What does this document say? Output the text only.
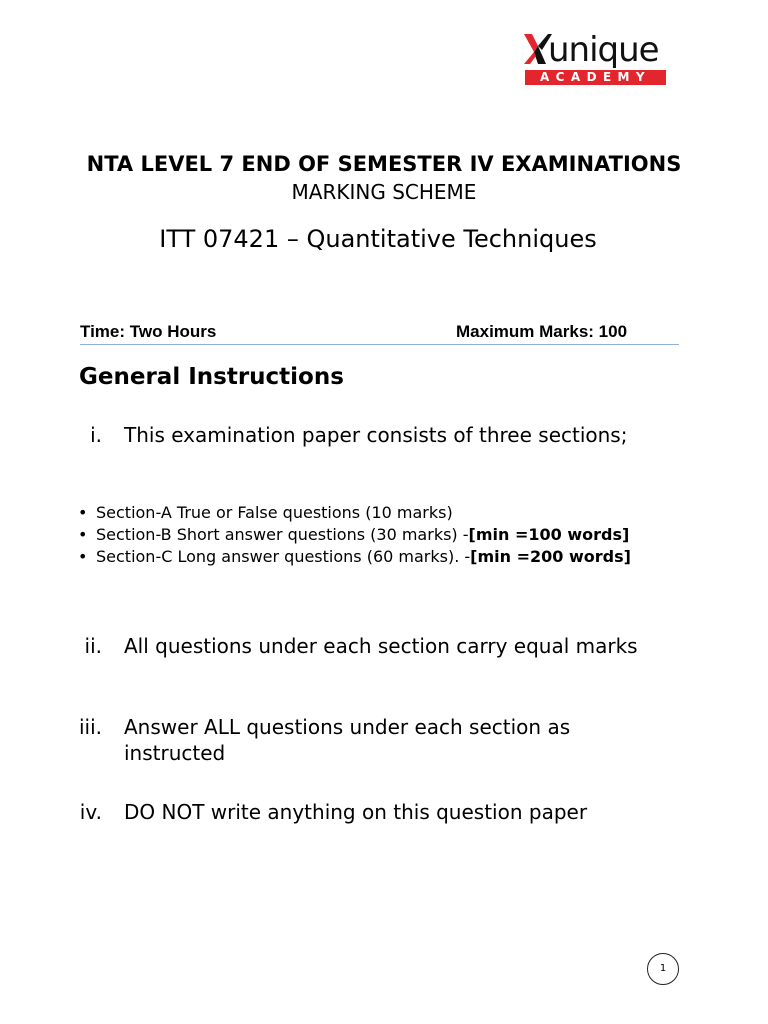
unique
ACADEMY
NTA LEVEL 7 END OF SEMESTER IV EXAMINATIONS
MARKING SCHEME
ITT 07421 – Quantitative Techniques
Time: Two Hours	Maximum Marks: 100
General Instructions
i. This examination paper consists of three sections;
• Section-A True or False questions (10 marks)
• Section-B Short answer questions (30 marks) -[min =100 words]
• Section-C Long answer questions (60 marks). -[min =200 words]
ii. All questions under each section carry equal marks
iii. Answer ALL questions under each section as instructed
iv. DO NOT write anything on this question paper
1
